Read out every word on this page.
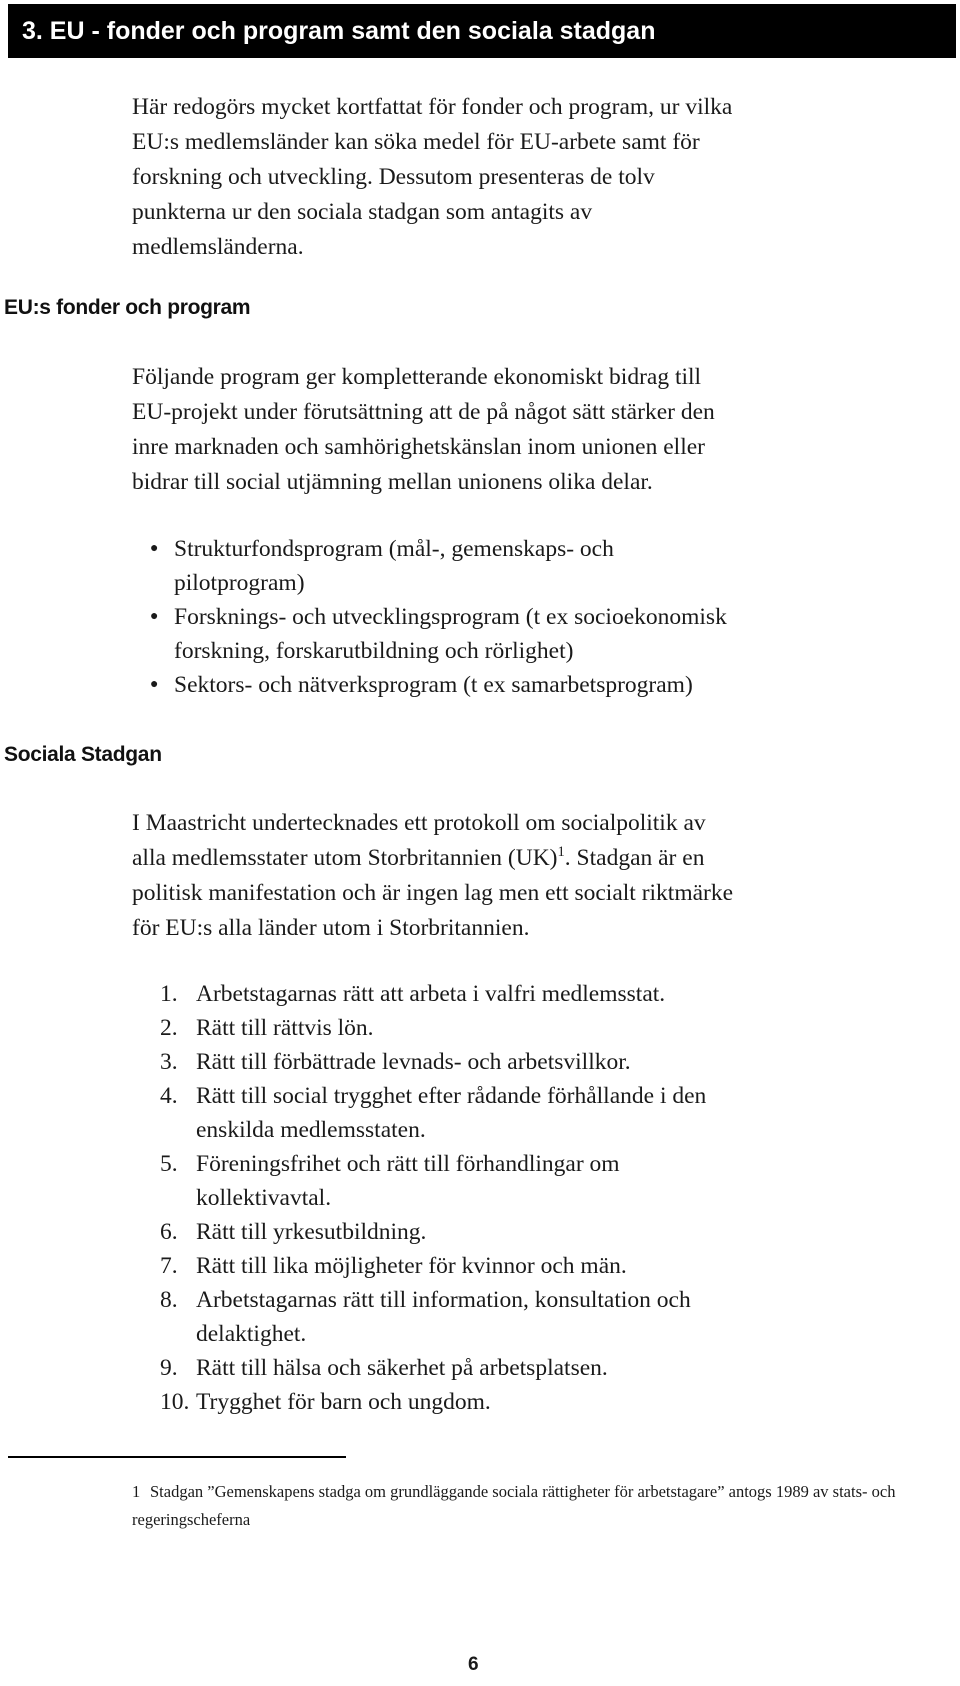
3. EU - fonder och program samt den sociala stadgan

Här redogörs mycket kortfattat för fonder och program, ur vilka
EU:s medlemsländer kan söka medel för EU-arbete samt för
forskning och utveckling. Dessutom presenteras de tolv
punkterna ur den sociala stadgan som antagits av
medlemsländerna.

EU:s fonder och program

Följande program ger kompletterande ekonomiskt bidrag till
EU-projekt under förutsättning att de på något sätt stärker den
inre marknaden och samhörighetskänslan inom unionen eller
bidrar till social utjämning mellan unionens olika delar.

● Strukturfondsprogram (mål-, gemenskaps- och
pilotprogram)
● Forsknings- och utvecklingsprogram (t ex socioekonomisk
forskning, forskarutbildning och rörlighet)
● Sektors- och nätverksprogram (t ex samarbetsprogram)
Sociala Stadgan

I Maastricht undertecknades ett protokoll om socialpolitik av
alla medlemsstater utom Storbritannien (UK)$^1$. Stadgan är en
politisk manifestation och är ingen lag men ett socialt riktmärke
för EU:s alla länder utom i Storbritannien.

1. Arbetstagarnas rätt att arbeta i valfri medlemsstat.
2. Rätt till rättvis lön.
3. Rätt till förbättrade levnads- och arbetsvillkor.
4. Rätt till social trygghet efter rådande förhållande i den
enskilda medlemsstaten.
5. Föreningsfrihet och rätt till förhandlingar om
kollektivavtal.
6. Rätt till yrkesutbildning.
7. Rätt till lika möjligheter för kvinnor och män.
8. Arbetstagarnas rätt till information, konsultation och
delaktighet.
9. Rätt till hälsa och säkerhet på arbetsplatsen.
10. Trygghet för barn och ungdom.
1 Stadgan ”Gemenskapens stadga om grundläggande sociala rättigheter för arbetstagare” antogs 1989 av stats- och regeringscheferna
6
